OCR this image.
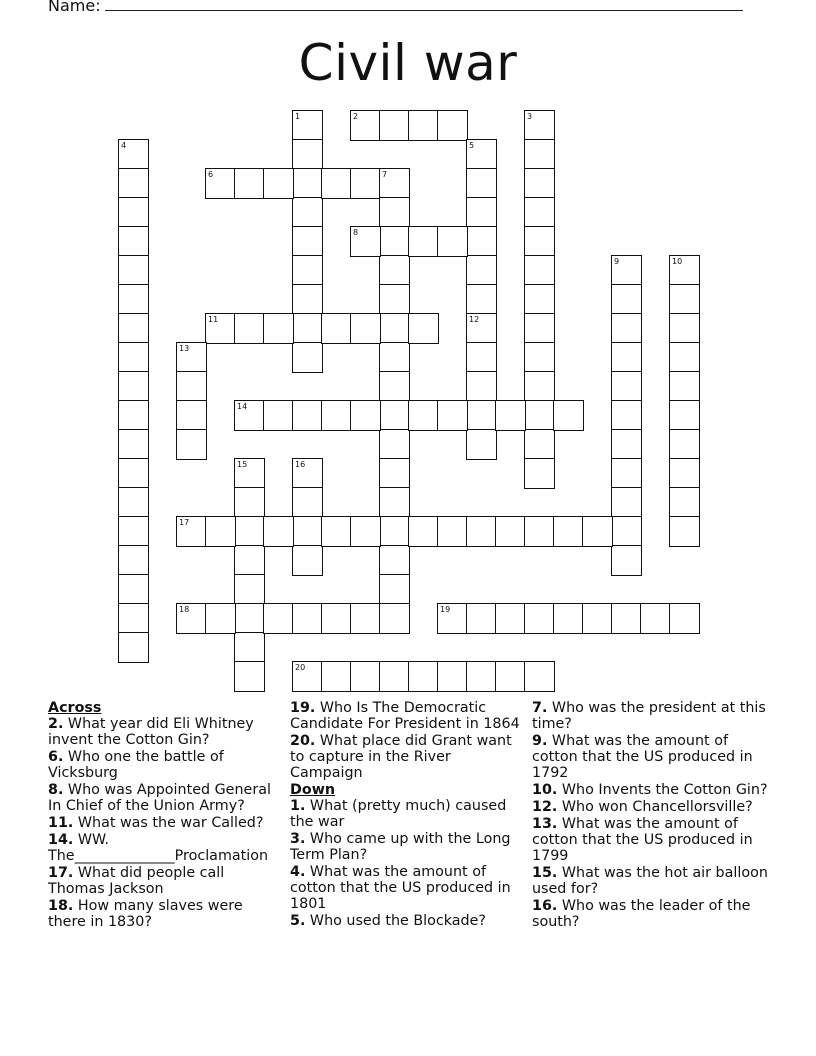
Name:
Civil war
1	2	3
4	5
6	7
8
9	10
11	12
13
14
15	16
17
18	19
20
Across
2. What year did Eli Whitney invent the Cotton Gin?
6. Who one the battle of Vicksburg
8. Who was Appointed General In Chief of the Union Army?
11. What was the war Called?
14. WW. The______________Proclamation
17. What did people call Thomas Jackson
18. How many slaves were there in 1830?
19. Who Is The Democratic Candidate For President in 1864
20. What place did Grant want to capture in the River Campaign
Down
1. What (pretty much) caused the war
3. Who came up with the Long Term Plan?
4. What was the amount of cotton that the US produced in 1801
5. Who used the Blockade?
7. Who was the president at this time?
9. What was the amount of cotton that the US produced in 1792
10. Who Invents the Cotton Gin?
12. Who won Chancellorsville?
13. What was the amount of cotton that the US produced in 1799
15. What was the hot air balloon used for?
16. Who was the leader of the south?
